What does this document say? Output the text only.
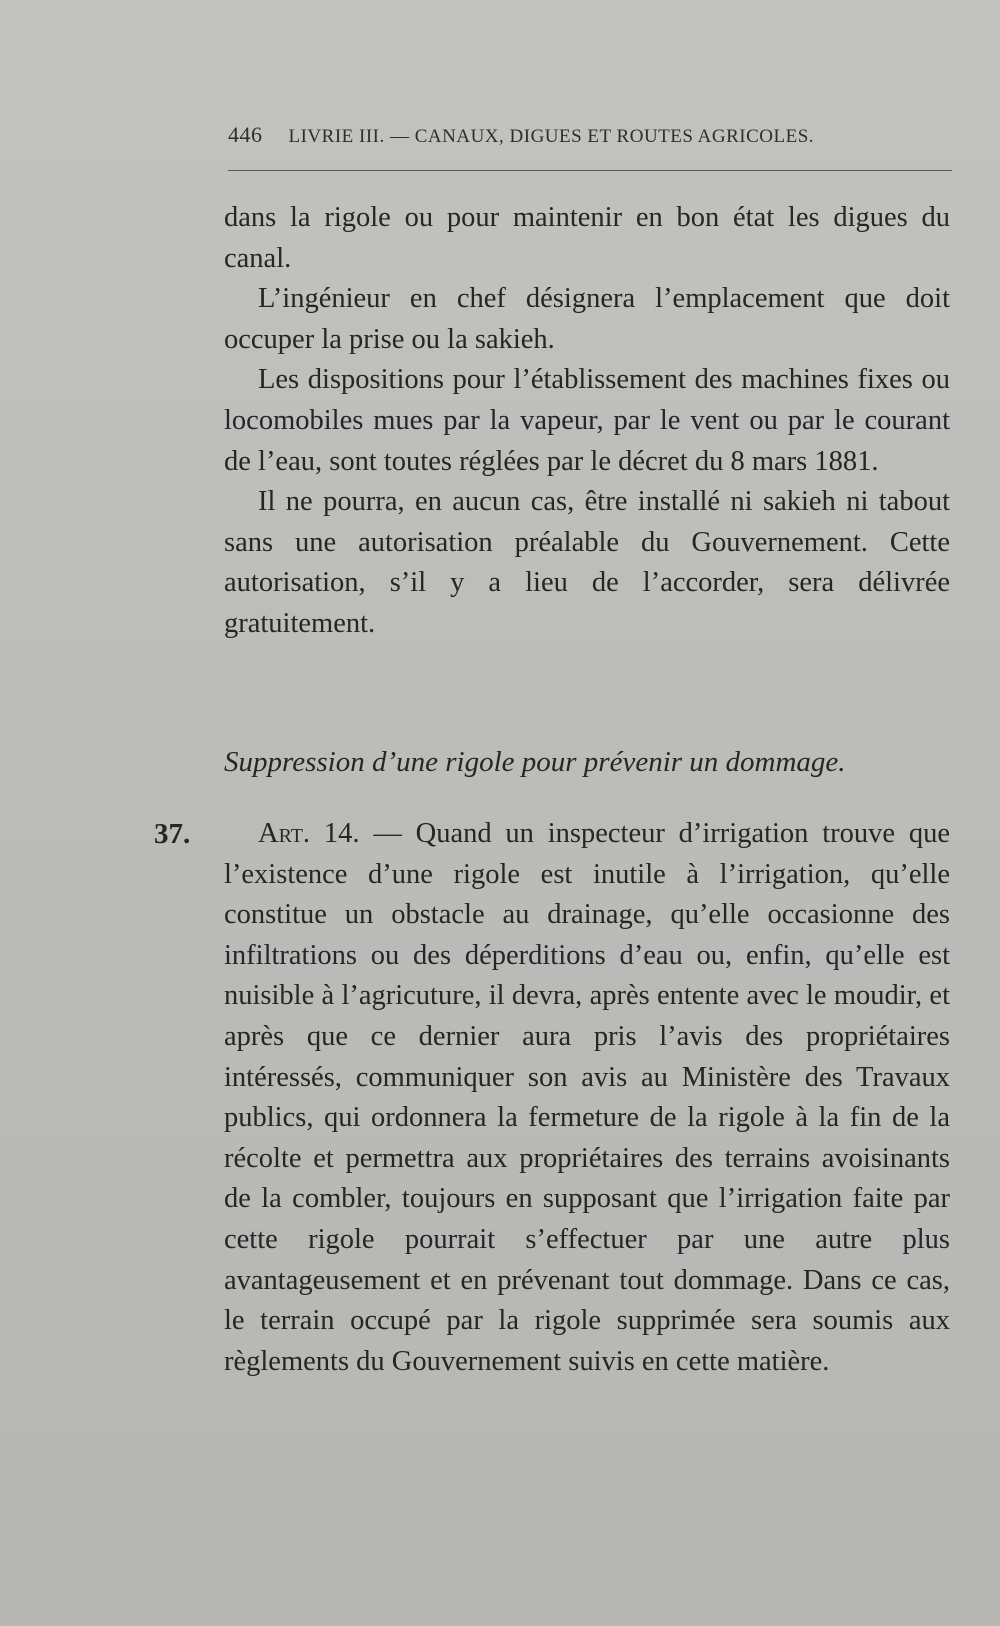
446 LIVRIE III. — CANAUX, DIGUES ET ROUTES AGRICOLES.

dans la rigole ou pour maintenir en bon état les digues du canal.

L’ingénieur en chef désignera l’emplacement que doit occuper la prise ou la sakieh.

Les dispositions pour l’établissement des machines fixes ou locomobiles mues par la vapeur, par le vent ou par le courant de l’eau, sont toutes réglées par le décret du 8 mars 1881.

Il ne pourra, en aucun cas, être installé ni sakieh ni tabout sans une autorisation préalable du Gouvernement. Cette autorisation, s’il y a lieu de l’accorder, sera délivrée gratuitement.

Suppression d’une rigole pour prévenir un dommage.
37.	Art. 14. — Quand un inspecteur d’irrigation trouve que l’existence d’une rigole est inutile à l’irrigation, qu’elle constitue un obstacle au drainage, qu’elle occasionne des infiltrations ou des déperditions d’eau ou, enfin, qu’elle est nuisible à l’agricuture, il devra, après entente avec le moudir, et après que ce dernier aura pris l’avis des propriétaires intéressés, communiquer son avis au Ministère des Travaux publics, qui ordonnera la fermeture de la rigole à la fin de la récolte et permettra aux propriétaires des terrains avoisinants de la combler, toujours en supposant que l’irrigation faite par cette rigole pourrait s’effectuer par une autre plus avantageusement et en prévenant tout dommage. Dans ce cas, le terrain occupé par la rigole supprimée sera soumis aux règlements du Gouvernement suivis en cette matière.
